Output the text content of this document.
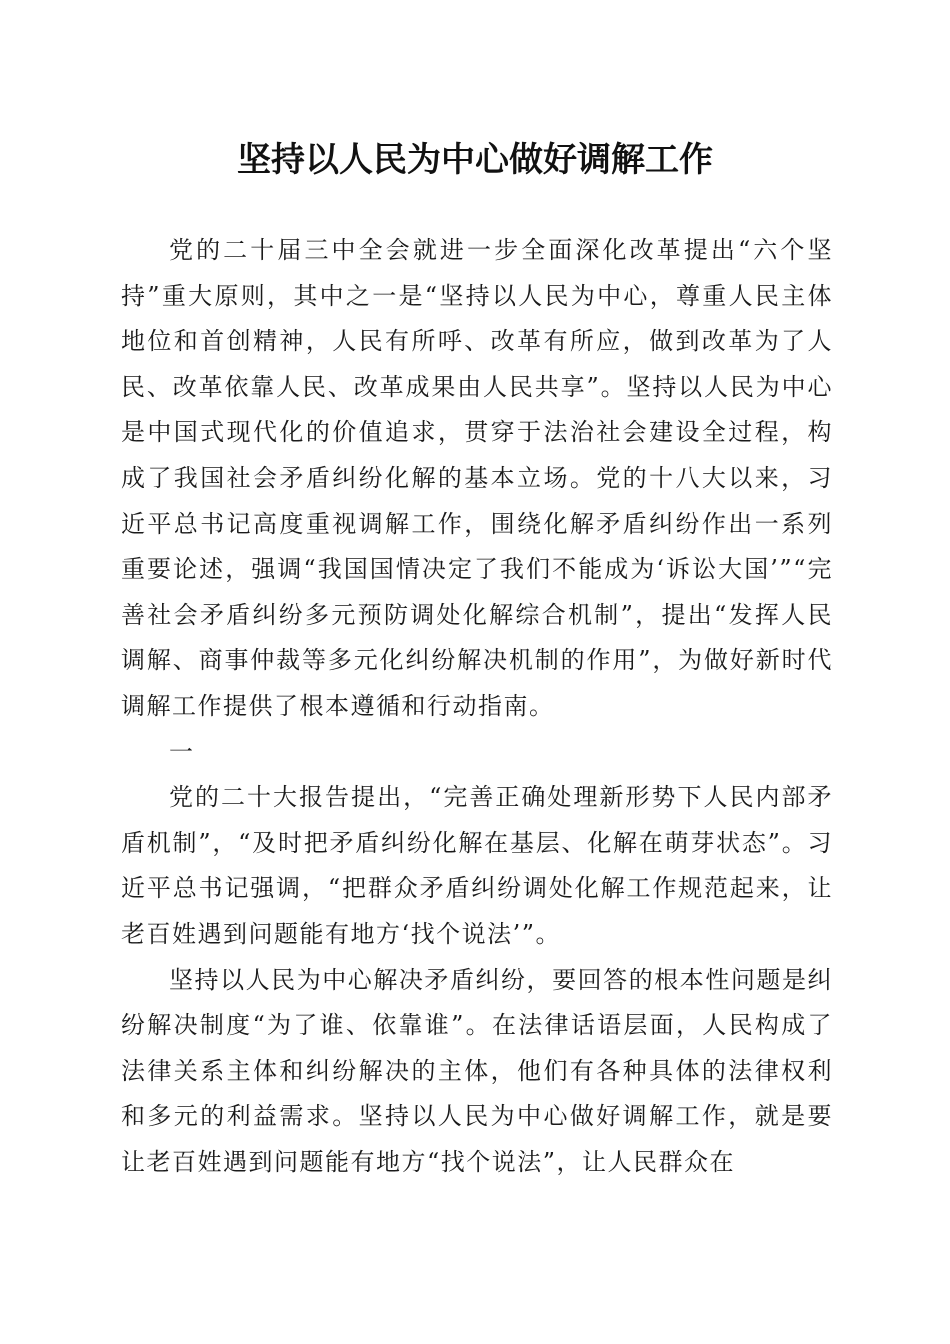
坚持以人民为中心做好调解工作

党的二十届三中全会就进一步全面深化改革提出“六个坚持”重大原则，其中之一是“坚持以人民为中心，尊重人民主体地位和首创精神，人民有所呼、改革有所应，做到改革为了人民、改革依靠人民、改革成果由人民共享”。坚持以人民为中心是中国式现代化的价值追求，贯穿于法治社会建设全过程，构成了我国社会矛盾纠纷化解的基本立场。党的十八大以来，习近平总书记高度重视调解工作，围绕化解矛盾纠纷作出一系列重要论述，强调“我国国情决定了我们不能成为‘诉讼大国’”“完善社会矛盾纠纷多元预防调处化解综合机制”，提出“发挥人民调解、商事仲裁等多元化纠纷解决机制的作用”，为做好新时代调解工作提供了根本遵循和行动指南。

一

党的二十大报告提出，“完善正确处理新形势下人民内部矛盾机制”，“及时把矛盾纠纷化解在基层、化解在萌芽状态”。习近平总书记强调，“把群众矛盾纠纷调处化解工作规范起来，让老百姓遇到问题能有地方‘找个说法’”。

坚持以人民为中心解决矛盾纠纷，要回答的根本性问题是纠纷解决制度“为了谁、依靠谁”。在法律话语层面，人民构成了法律关系主体和纠纷解决的主体，他们有各种具体的法律权利和多元的利益需求。坚持以人民为中心做好调解工作，就是要让老百姓遇到问题能有地方“找个说法”，让人民群众在
